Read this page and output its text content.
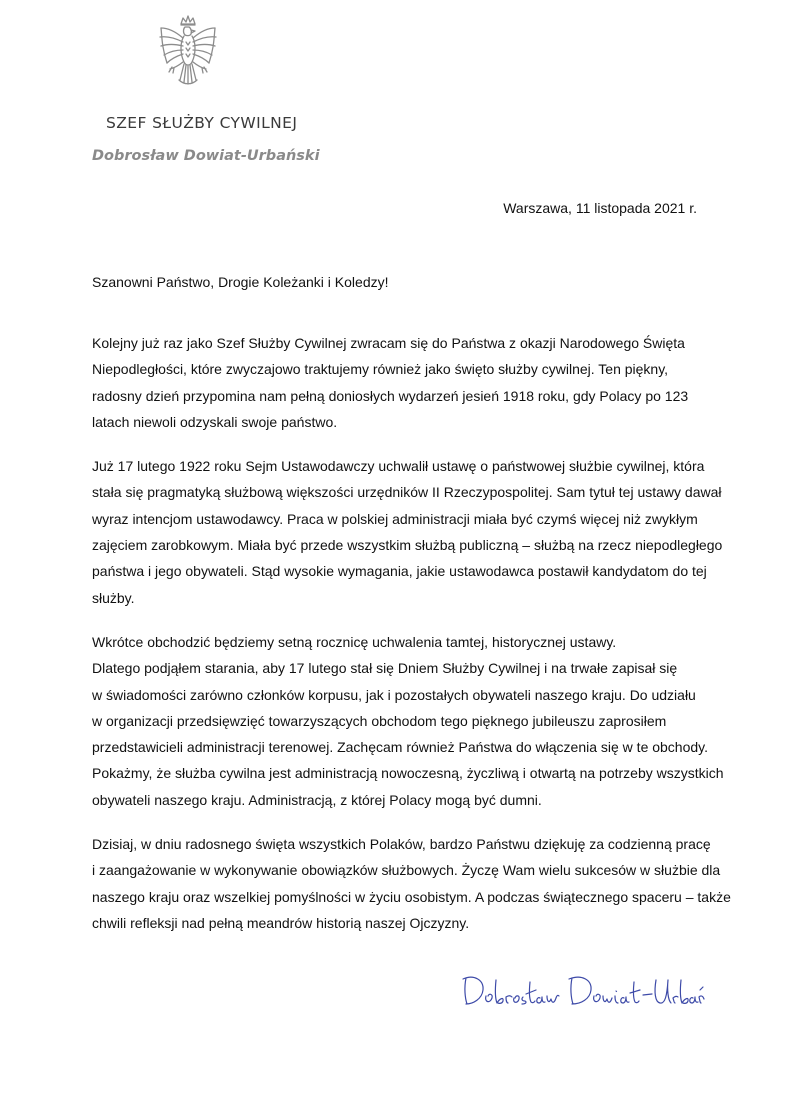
SZEF SŁUŻBY CYWILNEJ
Dobrosław Dowiat-Urbański
Warszawa, 11 listopada 2021 r.
Szanowni Państwo, Drogie Koleżanki i Koledzy!

Kolejny już raz jako Szef Służby Cywilnej zwracam się do Państwa z okazji Narodowego Święta
Niepodległości, które zwyczajowo traktujemy również jako święto służby cywilnej. Ten piękny,
radosny dzień przypomina nam pełną doniosłych wydarzeń jesień 1918 roku, gdy Polacy po 123
latach niewoli odzyskali swoje państwo.

Już 17 lutego 1922 roku Sejm Ustawodawczy uchwalił ustawę o państwowej służbie cywilnej, która
stała się pragmatyką służbową większości urzędników II Rzeczypospolitej. Sam tytuł tej ustawy dawał
wyraz intencjom ustawodawcy. Praca w polskiej administracji miała być czymś więcej niż zwykłym
zajęciem zarobkowym. Miała być przede wszystkim służbą publiczną – służbą na rzecz niepodległego
państwa i jego obywateli. Stąd wysokie wymagania, jakie ustawodawca postawił kandydatom do tej
służby.

Wkrótce obchodzić będziemy setną rocznicę uchwalenia tamtej, historycznej ustawy.
Dlatego podjąłem starania, aby 17 lutego stał się Dniem Służby Cywilnej i na trwałe zapisał się
w świadomości zarówno członków korpusu, jak i pozostałych obywateli naszego kraju. Do udziału
w organizacji przedsięwzięć towarzyszących obchodom tego pięknego jubileuszu zaprosiłem
przedstawicieli administracji terenowej. Zachęcam również Państwa do włączenia się w te obchody.
Pokażmy, że służba cywilna jest administracją nowoczesną, życzliwą i otwartą na potrzeby wszystkich
obywateli naszego kraju. Administracją, z której Polacy mogą być dumni.

Dzisiaj, w dniu radosnego święta wszystkich Polaków, bardzo Państwu dziękuję za codzienną pracę
i zaangażowanie w wykonywanie obowiązków służbowych. Życzę Wam wielu sukcesów w służbie dla
naszego kraju oraz wszelkiej pomyślności w życiu osobistym. A podczas świątecznego spaceru – także
chwili refleksji nad pełną meandrów historią naszej Ojczyzny.
